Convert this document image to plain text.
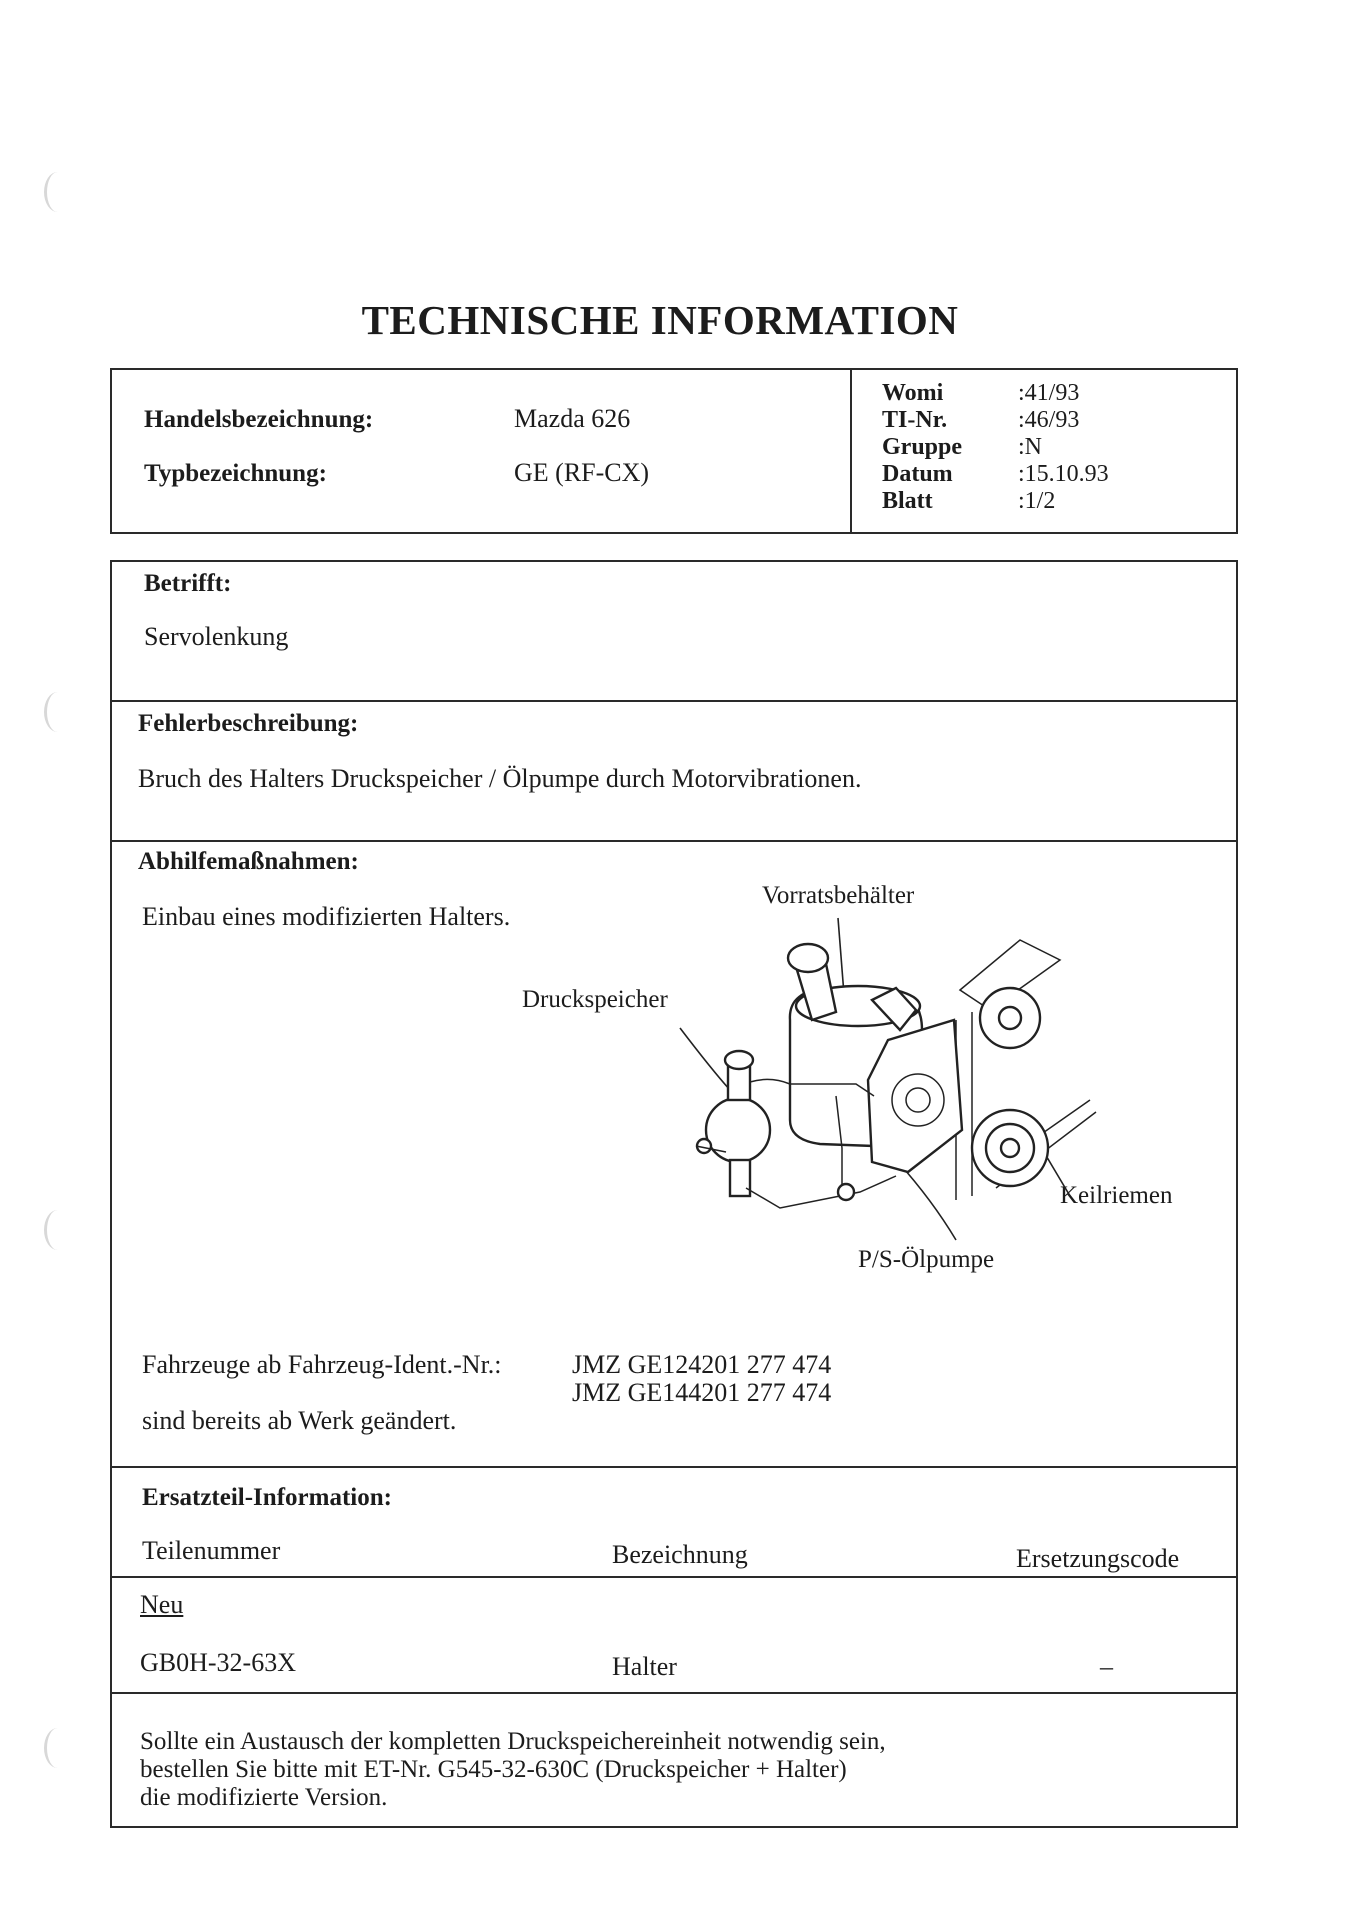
TECHNISCHE INFORMATION
Handelsbezeichnung:	Mazda 626
Typbezeichnung:	GE (RF-CX)
Womi	:41/93
TI-Nr.	:46/93
Gruppe	:N
Datum	:15.10.93
Blatt	:1/2
Betrifft:
Servolenkung
Fehlerbeschreibung:
Bruch des Halters Druckspeicher / Ölpumpe durch Motorvibrationen.
Abhilfemaßnahmen:
Einbau eines modifizierten Halters.
Vorratsbehälter
Druckspeicher
Keilriemen
P/S-Ölpumpe
Fahrzeuge ab Fahrzeug-Ident.-Nr.:	JMZ GE124201 277 474
JMZ GE144201 277 474
sind bereits ab Werk geändert.
Ersatzteil-Information:
Teilenummer	Bezeichnung	Ersetzungscode
Neu
GB0H-32-63X	Halter	–
Sollte ein Austausch der kompletten Druckspeichereinheit notwendig sein,
bestellen Sie bitte mit ET-Nr. G545-32-630C (Druckspeicher + Halter)
die modifizierte Version.
